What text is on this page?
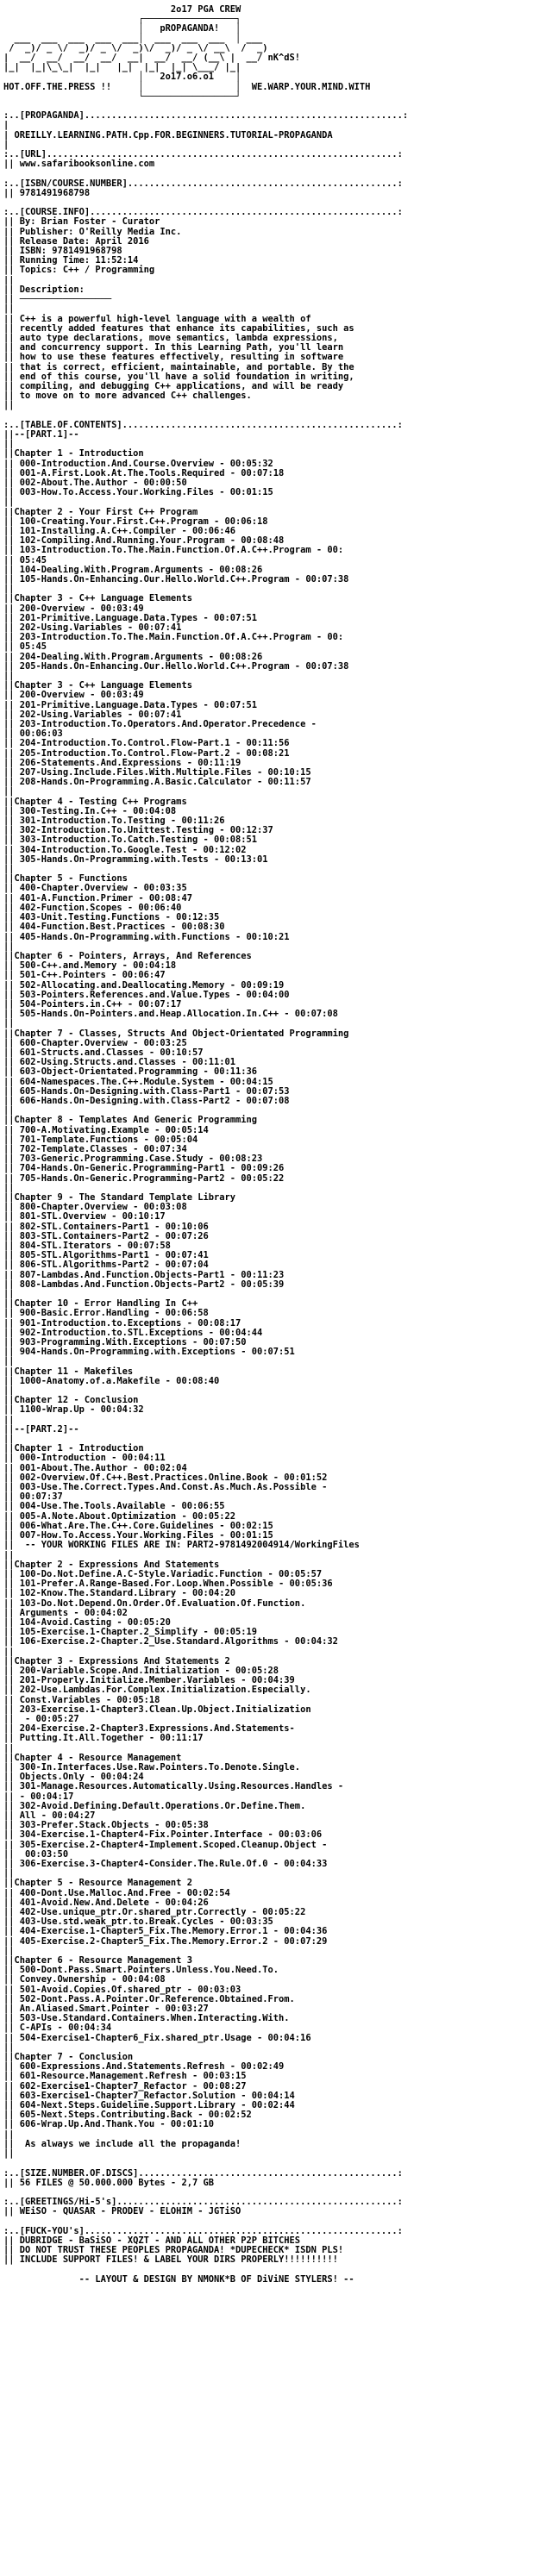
2o17 PGA CREW
┌─────────────────┐
│   pROPAGANDA!   │
___  ___  ___  ___  ___│  ___  ___  ___  │ ___
/  _)/ _ \/  _)/ _ \/  _)\/  _)/ _ \/ __\  /  _)
|  __/  __/  __/  __/  __|  __/  __/ (__\ |  __/ nK^dS!
|_|  |_|\_\_|  |_|   |_|  |_|  |_| \___/ |_|
│   2o17.o6.o1    │
HOT.OFF.THE.PRESS !!     │                 │  WE.WARP.YOUR.MIND.WITH
└─────────────────┘

:..[PROPAGANDA]...........................................................:
|
| OREILLY.LEARNING.PATH.Cpp.FOR.BEGINNERS.TUTORIAL-PROPAGANDA
|
:..[URL].................................................................:
|| www.safaribooksonline.com

:..[ISBN/COURSE.NUMBER]..................................................:
|| 9781491968798

:..[COURSE.INFO].........................................................:
|| By: Brian Foster - Curator
|| Publisher: O'Reilly Media Inc.
|| Release Date: April 2016
|| ISBN: 9781491968798
|| Running Time: 11:52:14
|| Topics: C++ / Programming
||
|| Description:
|| ─────────────────
||
|| C++ is a powerful high-level language with a wealth of
|| recently added features that enhance its capabilities, such as
|| auto type declarations, move semantics, lambda expressions,
|| and concurrency support. In this Learning Path, you'll learn
|| how to use these features effectively, resulting in software
|| that is correct, efficient, maintainable, and portable. By the
|| end of this course, you'll have a solid foundation in writing,
|| compiling, and debugging C++ applications, and will be ready
|| to move on to more advanced C++ challenges.
||

:..[TABLE.OF.CONTENTS]...................................................:
||--[PART.1]--
||
||Chapter 1 - Introduction
|| 000-Introduction.And.Course.Overview - 00:05:32
|| 001-A.First.Look.At.The.Tools.Required - 00:07:18
|| 002-About.The.Author - 00:00:50
|| 003-How.To.Access.Your.Working.Files - 00:01:15
||
||Chapter 2 - Your First C++ Program
|| 100-Creating.Your.First.C++.Program - 00:06:18
|| 101-Installing.A.C++.Compiler - 00:06:46
|| 102-Compiling.And.Running.Your.Program - 00:08:48
|| 103-Introduction.To.The.Main.Function.Of.A.C++.Program - 00:
|| 05:45
|| 104-Dealing.With.Program.Arguments - 00:08:26
|| 105-Hands.On-Enhancing.Our.Hello.World.C++.Program - 00:07:38
||
||Chapter 3 - C++ Language Elements
|| 200-Overview - 00:03:49
|| 201-Primitive.Language.Data.Types - 00:07:51
|| 202-Using.Variables - 00:07:41
|| 203-Introduction.To.The.Main.Function.Of.A.C++.Program - 00:
|| 05:45
|| 204-Dealing.With.Program.Arguments - 00:08:26
|| 205-Hands.On-Enhancing.Our.Hello.World.C++.Program - 00:07:38
||
||Chapter 3 - C++ Language Elements
|| 200-Overview - 00:03:49
|| 201-Primitive.Language.Data.Types - 00:07:51
|| 202-Using.Variables - 00:07:41
|| 203-Introduction.To.Operators.And.Operator.Precedence -
|| 00:06:03
|| 204-Introduction.To.Control.Flow-Part.1 - 00:11:56
|| 205-Introduction.To.Control.Flow-Part.2 - 00:08:21
|| 206-Statements.And.Expressions - 00:11:19
|| 207-Using.Include.Files.With.Multiple.Files - 00:10:15
|| 208-Hands.On-Programming.A.Basic.Calculator - 00:11:57
||
||Chapter 4 - Testing C++ Programs
|| 300-Testing.In.C++ - 00:04:08
|| 301-Introduction.To.Testing - 00:11:26
|| 302-Introduction.To.Unittest.Testing - 00:12:37
|| 303-Introduction.To.Catch.Testing - 00:08:51
|| 304-Introduction.To.Google.Test - 00:12:02
|| 305-Hands.On-Programming.with.Tests - 00:13:01
||
||Chapter 5 - Functions
|| 400-Chapter.Overview - 00:03:35
|| 401-A.Function.Primer - 00:08:47
|| 402-Function.Scopes - 00:06:40
|| 403-Unit.Testing.Functions - 00:12:35
|| 404-Function.Best.Practices - 00:08:30
|| 405-Hands.On-Programming.with.Functions - 00:10:21
||
||Chapter 6 - Pointers, Arrays, And References
|| 500-C++.and.Memory - 00:04:18
|| 501-C++.Pointers - 00:06:47
|| 502-Allocating.and.Deallocating.Memory - 00:09:19
|| 503-Pointers.References.and.Value.Types - 00:04:00
|| 504-Pointers.in.C++ - 00:07:17
|| 505-Hands.On-Pointers.and.Heap.Allocation.In.C++ - 00:07:08
||
||Chapter 7 - Classes, Structs And Object-Orientated Programming
|| 600-Chapter.Overview - 00:03:25
|| 601-Structs.and.Classes - 00:10:57
|| 602-Using.Structs.and.Classes - 00:11:01
|| 603-Object-Orientated.Programming - 00:11:36
|| 604-Namespaces.The.C++.Module.System - 00:04:15
|| 605-Hands.On-Designing.with.Class-Part1 - 00:07:53
|| 606-Hands.On-Designing.with.Class-Part2 - 00:07:08
||
||Chapter 8 - Templates And Generic Programming
|| 700-A.Motivating.Example - 00:05:14
|| 701-Template.Functions - 00:05:04
|| 702-Template.Classes - 00:07:34
|| 703-Generic.Programming.Case.Study - 00:08:23
|| 704-Hands.On-Generic.Programming-Part1 - 00:09:26
|| 705-Hands.On-Generic.Programming-Part2 - 00:05:22
||
||Chapter 9 - The Standard Template Library
|| 800-Chapter.Overview - 00:03:08
|| 801-STL.Overview - 00:10:17
|| 802-STL.Containers-Part1 - 00:10:06
|| 803-STL.Containers-Part2 - 00:07:26
|| 804-STL.Iterators - 00:07:58
|| 805-STL.Algorithms-Part1 - 00:07:41
|| 806-STL.Algorithms-Part2 - 00:07:04
|| 807-Lambdas.And.Function.Objects-Part1 - 00:11:23
|| 808-Lambdas.And.Function.Objects-Part2 - 00:05:39
||
||Chapter 10 - Error Handling In C++
|| 900-Basic.Error.Handling - 00:06:58
|| 901-Introduction.to.Exceptions - 00:08:17
|| 902-Introduction.to.STL.Exceptions - 00:04:44
|| 903-Programming.With.Exceptions - 00:07:50
|| 904-Hands.On-Programming.with.Exceptions - 00:07:51
||
||Chapter 11 - Makefiles
|| 1000-Anatomy.of.a.Makefile - 00:08:40
||
||Chapter 12 - Conclusion
|| 1100-Wrap.Up - 00:04:32
||
||--[PART.2]--
||
||Chapter 1 - Introduction
|| 000-Introduction - 00:04:11
|| 001-About.The.Author - 00:02:04
|| 002-Overview.Of.C++.Best.Practices.Online.Book - 00:01:52
|| 003-Use.The.Correct.Types.And.Const.As.Much.As.Possible -
|| 00:07:37
|| 004-Use.The.Tools.Available - 00:06:55
|| 005-A.Note.About.Optimization - 00:05:22
|| 006-What.Are.The.C++.Core.Guidelines - 00:02:15
|| 007-How.To.Access.Your.Working.Files - 00:01:15
||  -- YOUR WORKING FILES ARE IN: PART2-9781492004914/WorkingFiles
||
||Chapter 2 - Expressions And Statements
|| 100-Do.Not.Define.A.C-Style.Variadic.Function - 00:05:57
|| 101-Prefer.A.Range-Based.For.Loop.When.Possible - 00:05:36
|| 102-Know.The.Standard.Library - 00:04:20
|| 103-Do.Not.Depend.On.Order.Of.Evaluation.Of.Function.
|| Arguments - 00:04:02
|| 104-Avoid.Casting - 00:05:20
|| 105-Exercise.1-Chapter.2_Simplify - 00:05:19
|| 106-Exercise.2-Chapter.2_Use.Standard.Algorithms - 00:04:32
||
||Chapter 3 - Expressions And Statements 2
|| 200-Variable.Scope.And.Initialization - 00:05:28
|| 201-Properly.Initialize.Member.Variables - 00:04:39
|| 202-Use.Lambdas.For.Complex.Initialization.Especially.
|| Const.Variables - 00:05:18
|| 203-Exercise.1-Chapter3.Clean.Up.Object.Initialization
||  - 00:05:27
|| 204-Exercise.2-Chapter3.Expressions.And.Statements-
|| Putting.It.All.Together - 00:11:17
||
||Chapter 4 - Resource Management
|| 300-In.Interfaces.Use.Raw.Pointers.To.Denote.Single.
|| Objects.Only - 00:04:24
|| 301-Manage.Resources.Automatically.Using.Resources.Handles -
|| - 00:04:17
|| 302-Avoid.Defining.Default.Operations.Or.Define.Them.
|| All - 00:04:27
|| 303-Prefer.Stack.Objects - 00:05:38
|| 304-Exercise.1-Chapter4-Fix.Pointer.Interface - 00:03:06
|| 305-Exercise.2-Chapter4-Implement.Scoped.Cleanup.Object -
||  00:03:50
|| 306-Exercise.3-Chapter4-Consider.The.Rule.Of.0 - 00:04:33
||
||Chapter 5 - Resource Management 2
|| 400-Dont.Use.Malloc.And.Free - 00:02:54
|| 401-Avoid.New.And.Delete - 00:04:26
|| 402-Use.unique_ptr.Or.shared_ptr.Correctly - 00:05:22
|| 403-Use.std.weak_ptr.to.Break.Cycles - 00:03:35
|| 404-Exercise.1-Chapter5_Fix.The.Memory.Error.1 - 00:04:36
|| 405-Exercise.2-Chapter5_Fix.The.Memory.Error.2 - 00:07:29
||
||Chapter 6 - Resource Management 3
|| 500-Dont.Pass.Smart.Pointers.Unless.You.Need.To.
|| Convey.Ownership - 00:04:08
|| 501-Avoid.Copies.Of.shared_ptr - 00:03:03
|| 502-Dont.Pass.A.Pointer.Or.Reference.Obtained.From.
|| An.Aliased.Smart.Pointer - 00:03:27
|| 503-Use.Standard.Containers.When.Interacting.With.
|| C-APIs - 00:04:34
|| 504-Exercise1-Chapter6_Fix.shared_ptr.Usage - 00:04:16
||
||Chapter 7 - Conclusion
|| 600-Expressions.And.Statements.Refresh - 00:02:49
|| 601-Resource.Management.Refresh - 00:03:15
|| 602-Exercise1-Chapter7_Refactor - 00:08:27
|| 603-Exercise1-Chapter7_Refactor.Solution - 00:04:14
|| 604-Next.Steps.Guideline.Support.Library - 00:02:44
|| 605-Next.Steps.Contributing.Back - 00:02:52
|| 606-Wrap.Up.And.Thank.You - 00:01:10
||
||  As always we include all the propaganda!
||

:..[SIZE.NUMBER.OF.DISCS]................................................:
|| 56 FILES @ 50.000.000 Bytes - 2,7 GB

:..[GREETINGS/Hi-5's]....................................................:
|| WEiSO - QUASAR - PRODEV - ELOHIM - JGTiSO

:..[FUCK-YOU's]..........................................................:
|| DUBRIDGE - BaSiSO - XQZT - AND ALL OTHER P2P BITCHES
|| DO NOT TRUST THESE PEOPLES PROPAGANDA! *DUPECHECK* ISDN PLS!
|| INCLUDE SUPPORT FILES! & LABEL YOUR DIRS PROPERLY!!!!!!!!!!

-- LAYOUT & DESIGN BY NMONK*B OF DiViNE STYLERS! --
